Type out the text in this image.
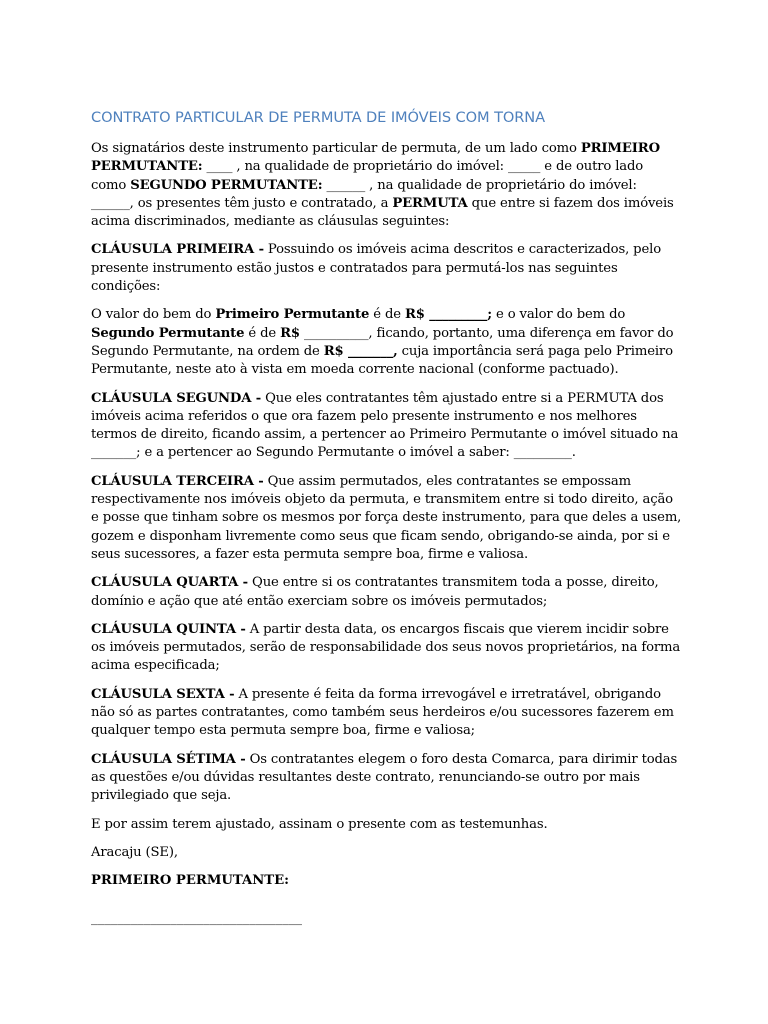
CONTRATO PARTICULAR DE PERMUTA DE IMÓVEIS COM TORNA

Os signatários deste instrumento particular de permuta, de um lado como PRIMEIRO PERMUTANTE: ____ , na qualidade de proprietário do imóvel: _____ e de outro lado como SEGUNDO PERMUTANTE: ______ , na qualidade de proprietário do imóvel: ______, os presentes têm justo e contratado, a PERMUTA que entre si fazem dos imóveis acima discriminados, mediante as cláusulas seguintes:

CLÁUSULA PRIMEIRA - Possuindo os imóveis acima descritos e caracterizados, pelo presente instrumento estão justos e contratados para permutá-los nas seguintes condições:

O valor do bem do Primeiro Permutante é de R$ _________; e o valor do bem do Segundo Permutante é de R$ __________, ficando, portanto, uma diferença em favor do Segundo Permutante, na ordem de R$ _______, cuja importância será paga pelo Primeiro Permutante, neste ato à vista em moeda corrente nacional (conforme pactuado).

CLÁUSULA SEGUNDA - Que eles contratantes têm ajustado entre si a PERMUTA dos imóveis acima referidos o que ora fazem pelo presente instrumento e nos melhores termos de direito, ficando assim, a pertencer ao Primeiro Permutante o imóvel situado na _______; e a pertencer ao Segundo Permutante o imóvel a saber: _________.

CLÁUSULA TERCEIRA - Que assim permutados, eles contratantes se empossam respectivamente nos imóveis objeto da permuta, e transmitem entre si todo direito, ação e posse que tinham sobre os mesmos por força deste instrumento, para que deles a usem, gozem e disponham livremente como seus que ficam sendo, obrigando-se ainda, por si e seus sucessores, a fazer esta permuta sempre boa, firme e valiosa.

CLÁUSULA QUARTA - Que entre si os contratantes transmitem toda a posse, direito, domínio e ação que até então exerciam sobre os imóveis permutados;

CLÁUSULA QUINTA - A partir desta data, os encargos fiscais que vierem incidir sobre os imóveis permutados, serão de responsabilidade dos seus novos proprietários, na forma acima especificada;

CLÁUSULA SEXTA - A presente é feita da forma irrevogável e irretratável, obrigando não só as partes contratantes, como também seus herdeiros e/ou sucessores fazerem em qualquer tempo esta permuta sempre boa, firme e valiosa;

CLÁUSULA SÉTIMA - Os contratantes elegem o foro desta Comarca, para dirimir todas as questões e/ou dúvidas resultantes deste contrato, renunciando-se outro por mais privilegiado que seja.

E por assim terem ajustado, assinam o presente com as testemunhas.

Aracaju (SE),

PRIMEIRO PERMUTANTE:

________________________________
